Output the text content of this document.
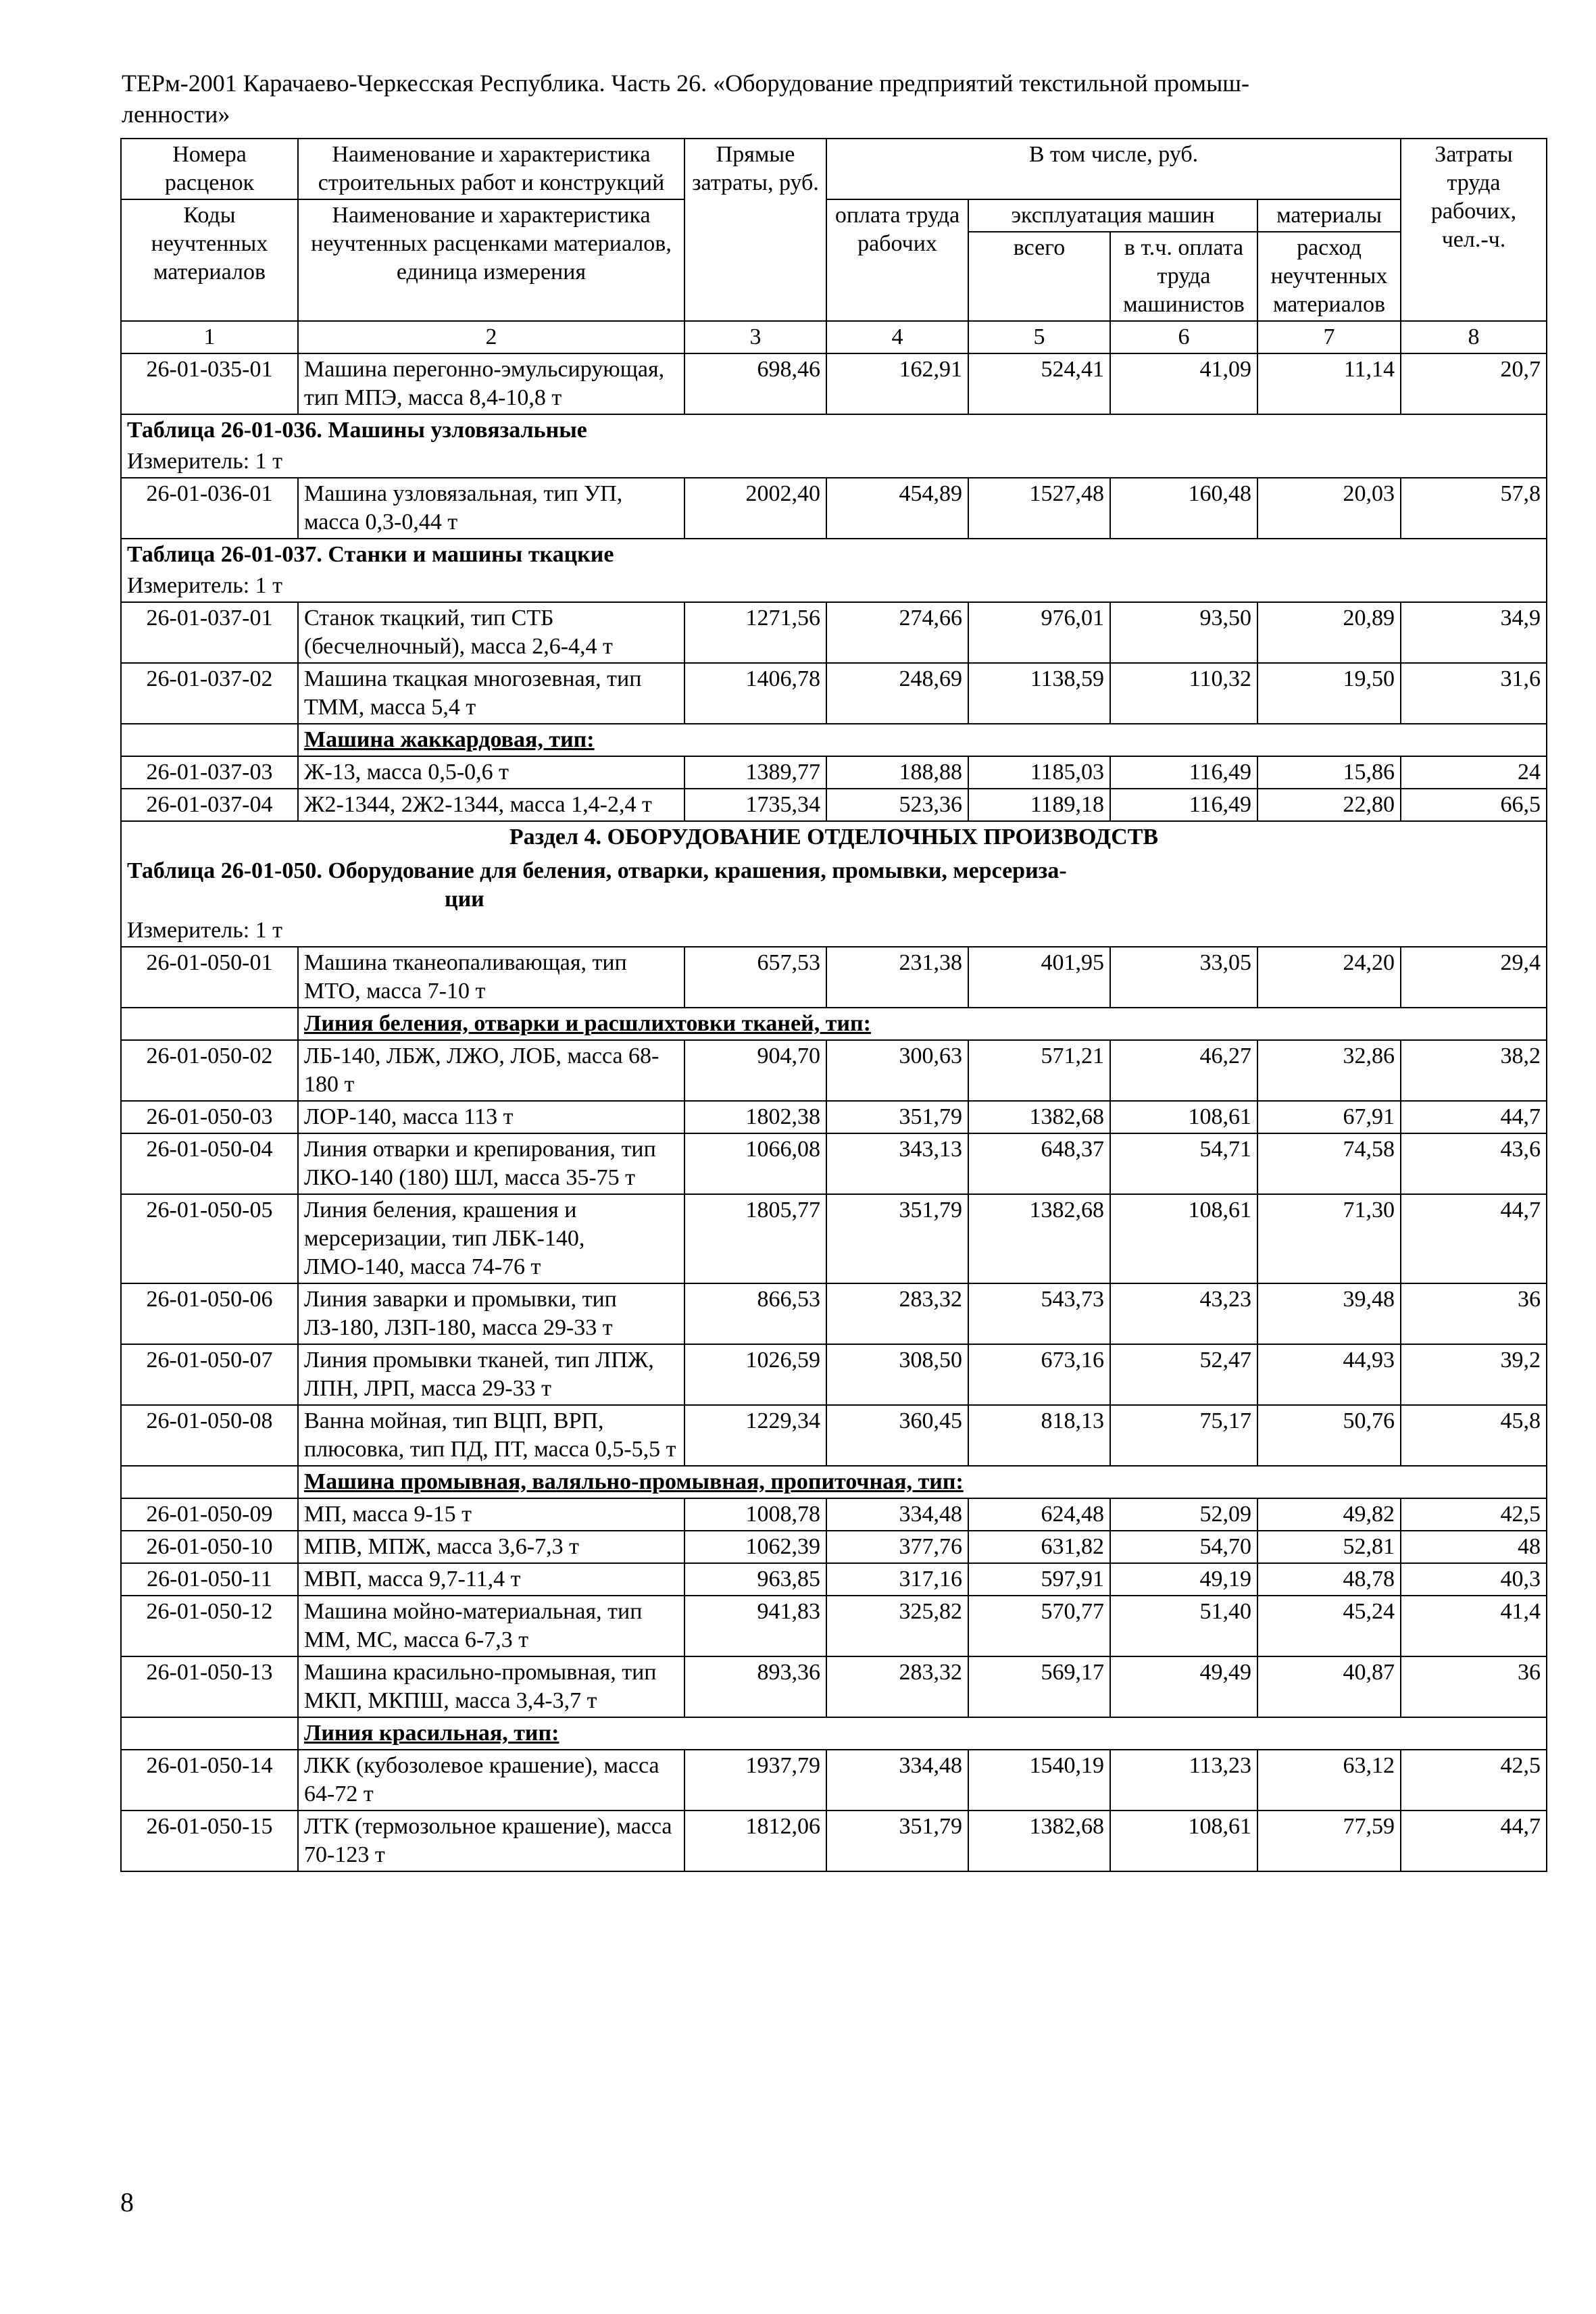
ТЕРм-2001 Карачаево-Черкесская Республика. Часть 26. «Оборудование предприятий текстильной промыш-
ленности»
Номера расценок	Наименование и характеристика строительных работ и конструкций	Прямые затраты, руб.	В том числе, руб.				Затраты труда рабочих, чел.-ч.
Коды неучтенных материалов	Наименование и характеристика неучтенных расценками материалов, единица измерения		оплата труда рабочих	эксплуатация машин		материалы	
				всего	в т.ч. оплата труда машинистов	расход неучтенных материалов	
1	2	3	4	5	6	7	8
26-01-035-01	Машина перегонно-эмульсирующая, тип МПЭ, масса 8,4-10,8 т	698,46	162,91	524,41	41,09	11,14	20,7
Таблица 26-01-036. Машины узловязальные							
Измеритель: 1 т							
26-01-036-01	Машина узловязальная, тип УП, масса 0,3-0,44 т	2002,40	454,89	1527,48	160,48	20,03	57,8
Таблица 26-01-037. Станки и машины ткацкие							
Измеритель: 1 т							
26-01-037-01	Станок ткацкий, тип СТБ (бесчелночный), масса 2,6-4,4 т	1271,56	274,66	976,01	93,50	20,89	34,9
26-01-037-02	Машина ткацкая многозевная, тип ТММ, масса 5,4 т	1406,78	248,69	1138,59	110,32	19,50	31,6
	Машина жаккардовая, тип:						
26-01-037-03	Ж-13, масса 0,5-0,6 т	1389,77	188,88	1185,03	116,49	15,86	24
26-01-037-04	Ж2-1344, 2Ж2-1344, масса 1,4-2,4 т	1735,34	523,36	1189,18	116,49	22,80	66,5
Раздел 4. ОБОРУДОВАНИЕ ОТДЕЛОЧНЫХ ПРОИЗВОДСТВ							

Таблица 26-01-050. Оборудование для беления, отварки, крашения, промывки, мерсериза-
ции							

Измеритель: 1 т							
26-01-050-01	Машина тканеопаливающая, тип МТО, масса 7-10 т	657,53	231,38	401,95	33,05	24,20	29,4
	Линия беления, отварки и расшлихтовки тканей, тип:						
26-01-050-02	ЛБ-140, ЛБЖ, ЛЖО, ЛОБ, масса 68-180 т	904,70	300,63	571,21	46,27	32,86	38,2
26-01-050-03	ЛОР-140, масса 113 т	1802,38	351,79	1382,68	108,61	67,91	44,7
26-01-050-04	Линия отварки и крепирования, тип ЛКО-140 (180) ШЛ, масса 35-75 т	1066,08	343,13	648,37	54,71	74,58	43,6
26-01-050-05	Линия беления, крашения и мерсеризации, тип ЛБК-140, ЛМО-140, масса 74-76 т	1805,77	351,79	1382,68	108,61	71,30	44,7
26-01-050-06	Линия заварки и промывки, тип ЛЗ-180, ЛЗП-180, масса 29-33 т	866,53	283,32	543,73	43,23	39,48	36
26-01-050-07	Линия промывки тканей, тип ЛПЖ, ЛПН, ЛРП, масса 29-33 т	1026,59	308,50	673,16	52,47	44,93	39,2
26-01-050-08	Ванна мойная, тип ВЦП, ВРП, плюсовка, тип ПД, ПТ, масса 0,5-5,5 т	1229,34	360,45	818,13	75,17	50,76	45,8
	Машина промывная, валяльно-промывная, пропиточная, тип:						
26-01-050-09	МП, масса 9-15 т	1008,78	334,48	624,48	52,09	49,82	42,5
26-01-050-10	МПВ, МПЖ, масса 3,6-7,3 т	1062,39	377,76	631,82	54,70	52,81	48
26-01-050-11	МВП, масса 9,7-11,4 т	963,85	317,16	597,91	49,19	48,78	40,3
26-01-050-12	Машина мойно-материальная, тип ММ, МС, масса 6-7,3 т	941,83	325,82	570,77	51,40	45,24	41,4
26-01-050-13	Машина красильно-промывная, тип МКП, МКПШ, масса 3,4-3,7 т	893,36	283,32	569,17	49,49	40,87	36
	Линия красильная, тип:						
26-01-050-14	ЛКК (кубозолевое крашение), масса 64-72 т	1937,79	334,48	1540,19	113,23	63,12	42,5
26-01-050-15	ЛТК (термозольное крашение), масса 70-123 т	1812,06	351,79	1382,68	108,61	77,59	44,7
8
